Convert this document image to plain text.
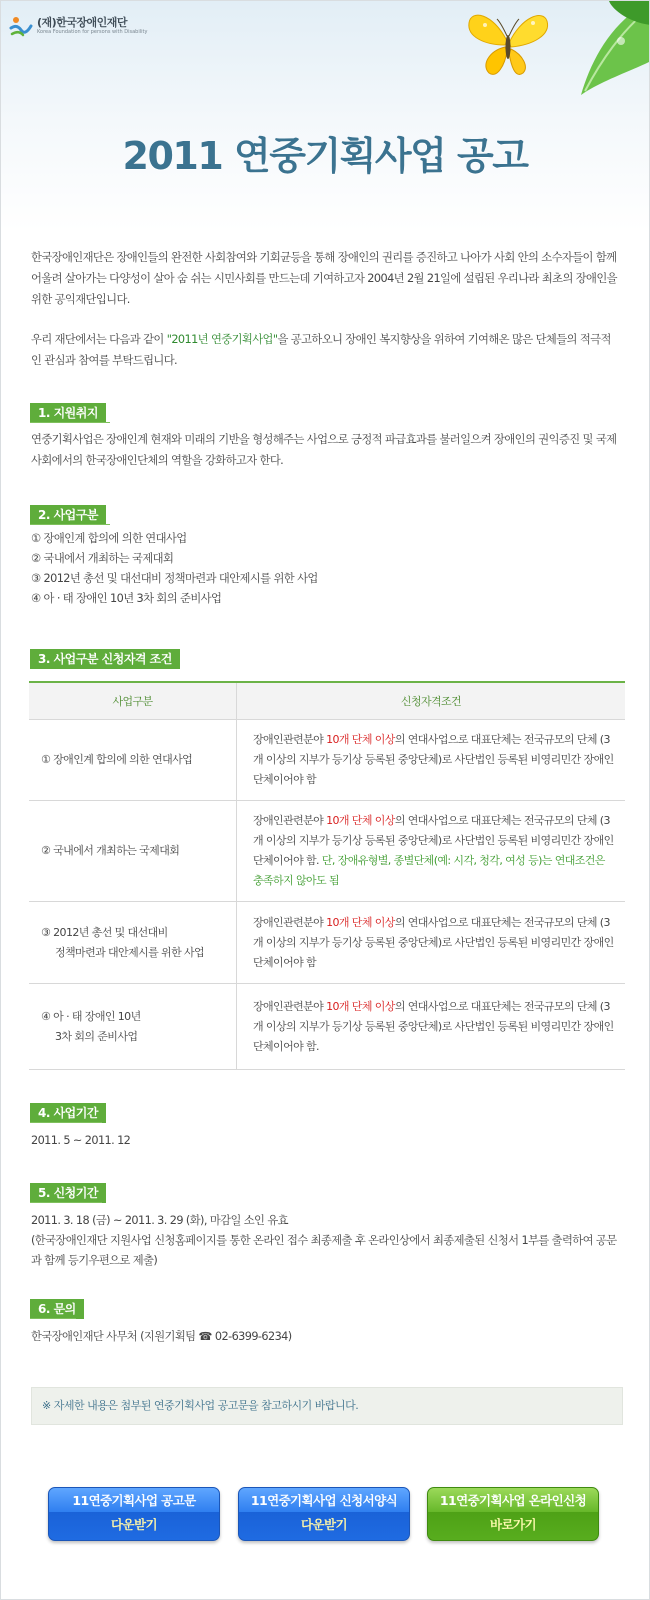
(재)한국장애인재단
Korea Foundation for persons with Disability
2011 연중기획사업 공고
한국장애인재단은 장애인들의 완전한 사회참여와 기회균등을 통해 장애인의 권리를 증진하고 나아가 사회 안의 소수자들이 함께 어울려 살아가는 다양성이 살아 숨 쉬는 시민사회를 만드는데 기여하고자 2004년 2월 21일에 설립된 우리나라 최초의 장애인을 위한 공익재단입니다.
우리 재단에서는 다음과 같이 "2011년 연중기획사업"을 공고하오니 장애인 복지향상을 위하여 기여해온 많은 단체들의 적극적인 관심과 참여를 부탁드립니다.
1. 지원취지
연중기획사업은 장애인계 현재와 미래의 기반을 형성해주는 사업으로 긍정적 파급효과를 불러일으켜 장애인의 권익증진 및 국제사회에서의 한국장애인단체의 역할을 강화하고자 한다.
2. 사업구분
① 장애인계 합의에 의한 연대사업
② 국내에서 개최하는 국제대회
③ 2012년 총선 및 대선대비 정책마련과 대안제시를 위한 사업
④ 아 · 태 장애인 10년 3차 회의 준비사업
3. 사업구분 신청자격 조건
사업구분	신청자격조건
① 장애인계 합의에 의한 연대사업	장애인관련분야 10개 단체 이상의 연대사업으로 대표단체는 전국규모의 단체 (3개 이상의 지부가 등기상 등록된 중앙단체)로 사단법인 등록된 비영리민간 장애인단체이어야 함
② 국내에서 개최하는 국제대회	장애인관련분야 10개 단체 이상의 연대사업으로 대표단체는 전국규모의 단체 (3개 이상의 지부가 등기상 등록된 중앙단체)로 사단법인 등록된 비영리민간 장애인단체이어야 함. 단, 장애유형별, 종별단체(예: 시각, 청각, 여성 등)는 연대조건은 충족하지 않아도 됨
③ 2012년 총선 및 대선대비
정책마련과 대안제시를 위한 사업	장애인관련분야 10개 단체 이상의 연대사업으로 대표단체는 전국규모의 단체 (3개 이상의 지부가 등기상 등록된 중앙단체)로 사단법인 등록된 비영리민간 장애인단체이어야 함
④ 아 · 태 장애인 10년
3차 회의 준비사업	장애인관련분야 10개 단체 이상의 연대사업으로 대표단체는 전국규모의 단체 (3개 이상의 지부가 등기상 등록된 중앙단체)로 사단법인 등록된 비영리민간 장애인단체이어야 함.
4. 사업기간
2011. 5 ~ 2011. 12
5. 신청기간
2011. 3. 18 (금) ~ 2011. 3. 29 (화), 마감일 소인 유효
(한국장애인재단 지원사업 신청홈페이지를 통한 온라인 접수 최종제출 후 온라인상에서 최종제출된 신청서 1부를 출력하여 공문과 함께 등기우편으로 제출)
6. 문의
한국장애인재단 사무처 (지원기획팀 ☎ 02-6399-6234)
※ 자세한 내용은 첨부된 연중기획사업 공고문을 참고하시기 바랍니다.
11연중기획사업 공고문
다운받기
11연중기획사업 신청서양식
다운받기
11연중기획사업 온라인신청
바로가기
